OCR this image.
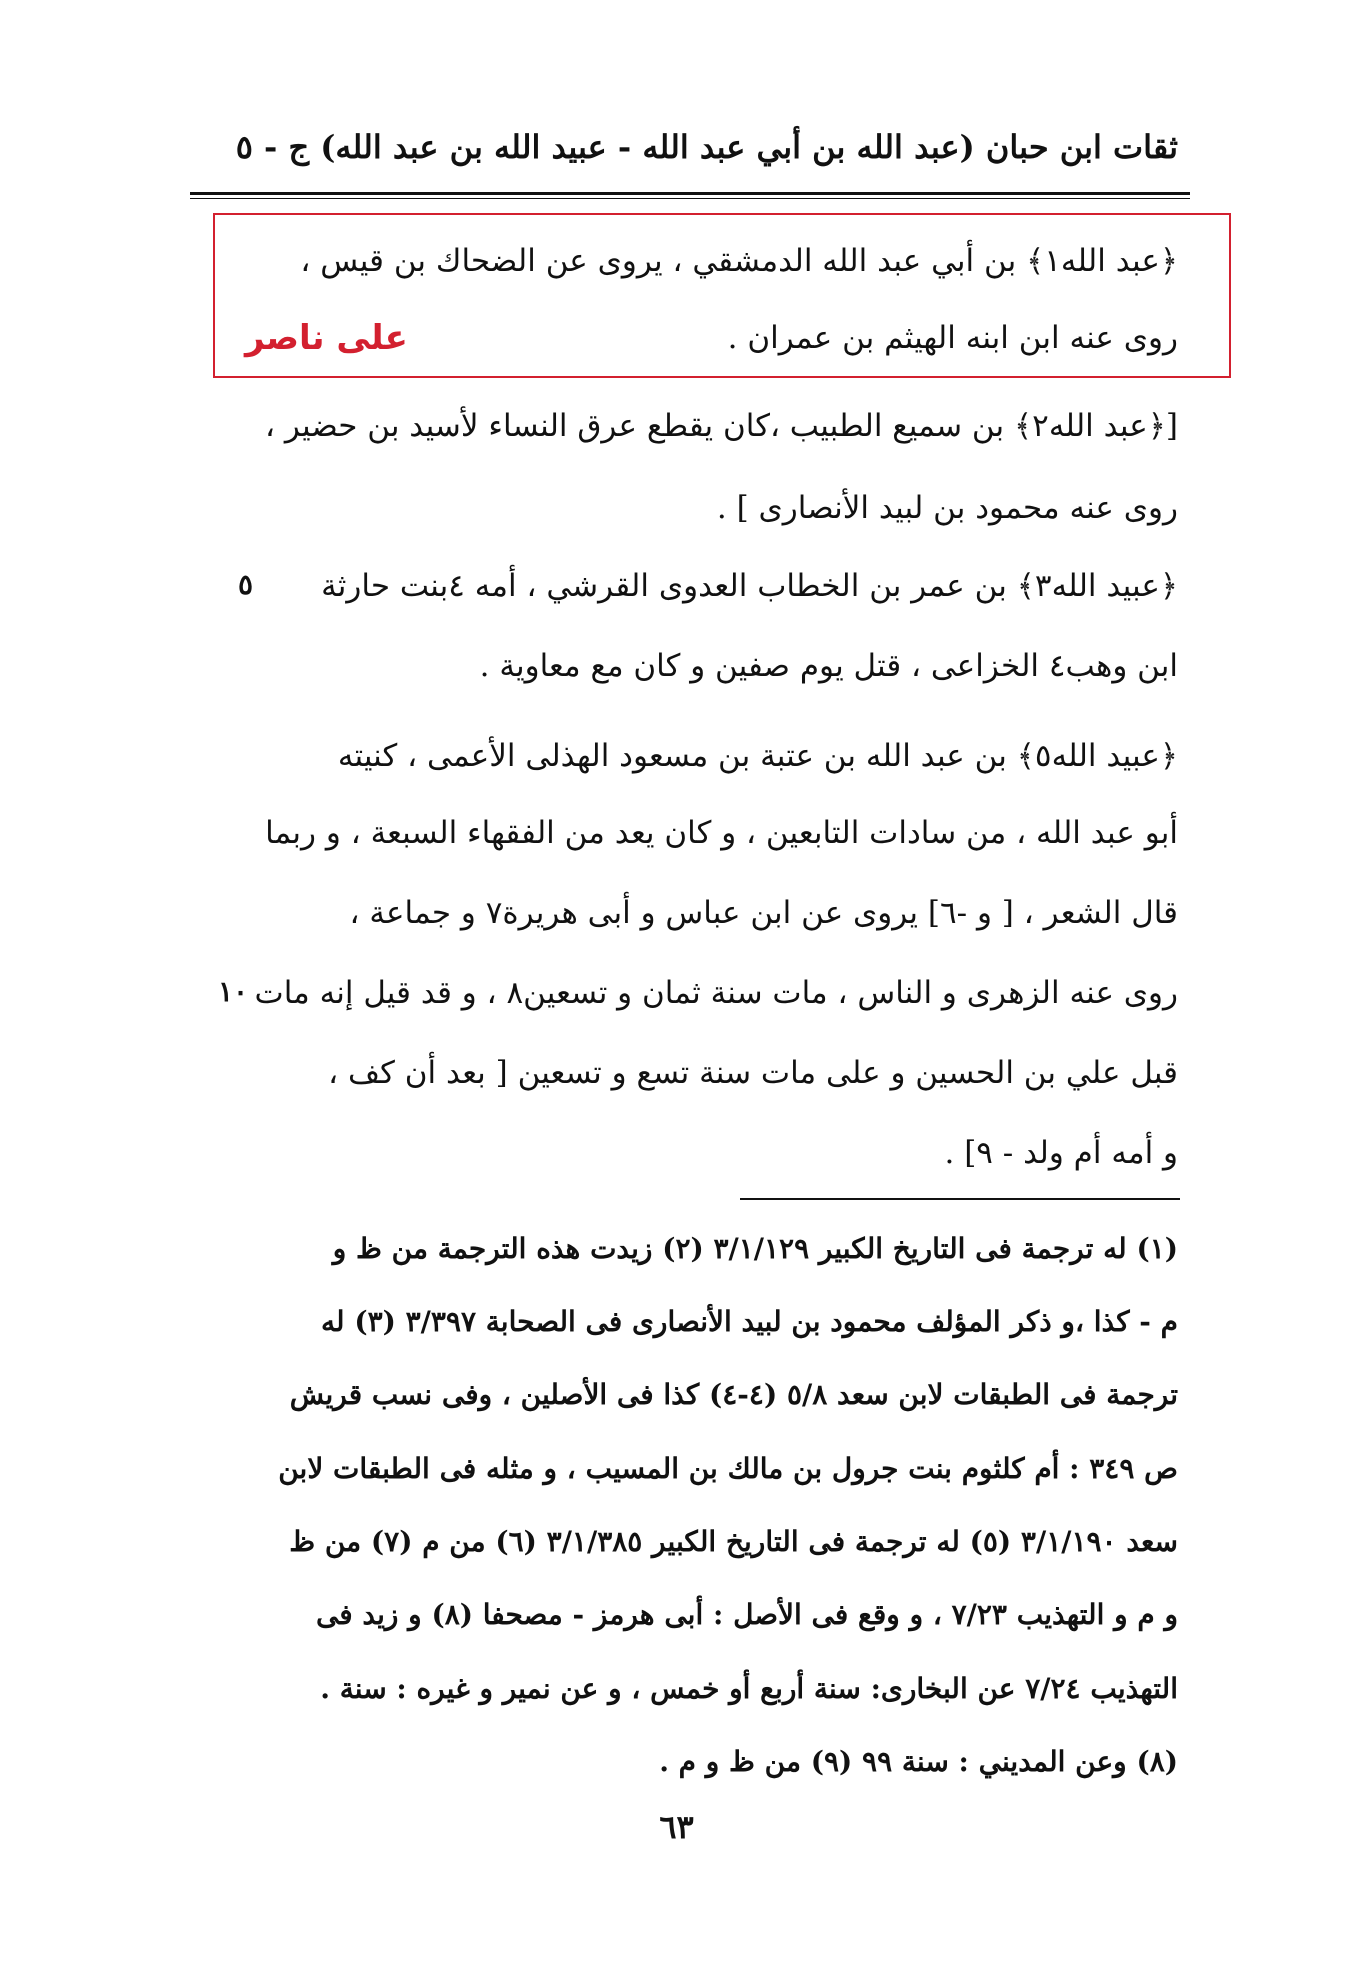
ثقات ابن حبان (عبد الله بن أبي عبد الله - عبيد الله بن عبد الله) ج - ٥
على ناصر
﴿عبد الله١﴾ بن أبي عبد الله الدمشقي ، يروى عن الضحاك بن قيس ،
روى عنه ابن ابنه الهيثم بن عمران .
[﴿عبد الله٢﴾ بن سميع الطبيب ،كان يقطع عرق النساء لأسيد بن حضير ،
روى عنه محمود بن لبيد الأنصارى ] .
﴿عبيد الله٣﴾ بن عمر بن الخطاب العدوى القرشي ، أمه ٤بنت حارثة
٥
ابن وهب٤ الخزاعى ، قتل يوم صفين و كان مع معاوية .
﴿عبيد الله٥﴾ بن عبد الله بن عتبة بن مسعود الهذلى الأعمى ، كنيته
أبو عبد الله ، من سادات التابعين ، و كان يعد من الفقهاء السبعة ، و ربما
قال الشعر ، [ و -٦] يروى عن ابن عباس و أبى هريرة٧ و جماعة ،
روى عنه الزهرى و الناس ، مات سنة ثمان و تسعين٨ ، و قد قيل إنه مات
١٠
قبل علي بن الحسين و على مات سنة تسع و تسعين [ بعد أن كف ،
و أمه أم ولد - ٩] .
(١) له ترجمة فى التاريخ الكبير ٣/١/١٢٩ (٢) زيدت هذه الترجمة من ظ و
م - كذا ،و ذكر المؤلف محمود بن لبيد الأنصارى فى الصحابة ٣/٣٩٧ (٣) له
ترجمة فى الطبقات لابن سعد ٥/٨ (٤-٤) كذا فى الأصلين ، وفى نسب قريش
ص ٣٤٩ : أم كلثوم بنت جرول بن مالك بن المسيب ، و مثله فى الطبقات لابن
سعد ٣/١/١٩٠ (٥) له ترجمة فى التاريخ الكبير ٣/١/٣٨٥ (٦) من م (٧) من ظ
و م و التهذيب ٧/٢٣ ، و وقع فى الأصل : أبى هرمز - مصحفا (٨) و زيد فى
التهذيب ٧/٢٤ عن البخارى: سنة أربع أو خمس ، و عن نمير و غيره : سنة .
(٨) وعن المديني : سنة ٩٩ (٩) من ظ و م .
٦٣
